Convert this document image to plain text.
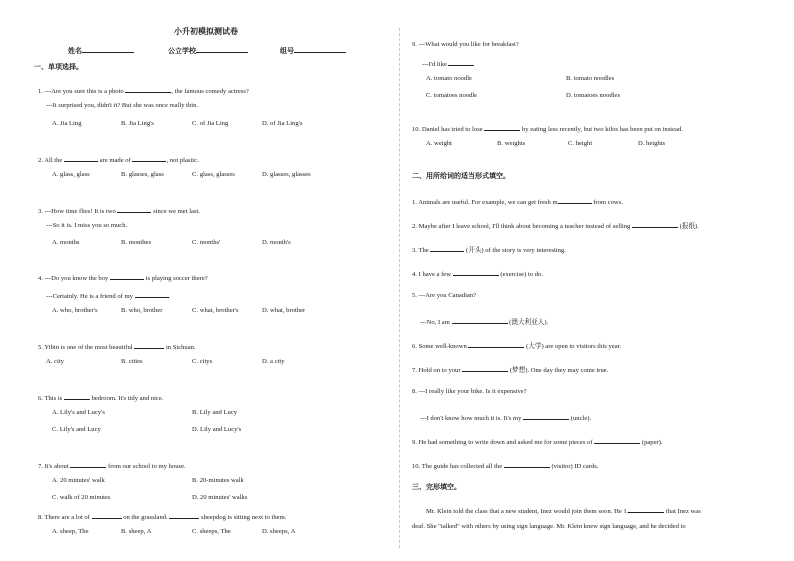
小升初模拟测试卷
姓名	公立学校	组号
一、单项选择。
1. ---Are you sure this is a photo	, the famous comedy actress?
---It surprised you, didn't it? But she was once really thin.
A. Jia Ling	B. Jia Ling's	C. of Jia Ling	D. of Jia Ling's
2. All the	are made of	, not plastic.
A. glass, glass	B. glasses, glass	C. glass, glasses	D. glasses, glasses
3. ---How time flies! It is two	since we met last.
---So it is. I miss you so much.
A. months	B. monthes	C. months'	D. month's
4. ---Do you know the boy	is playing soccer there?
---Certainly. He is a friend of my	.
A. who, brother's	B. who, brother	C. what, brother's	D. what, brother
5. Yibin is one of the most beautiful	in Sichuan.
A. city	B. cities	C. citys	D. a city
6. This is	bedroom. It's tidy and nice.
A. Lily's and Lucy's	B. Lily and Lucy
C. Lily's and Lucy	D. Lily and Lucy's
7. It's about	from our school to my house.
A. 20 minutes' walk	B. 20-minutes walk
C. walk of 20 minutes	D. 20 minutes' walks
8. There are a lot of	on the grassland.	sheepdog is sitting next to them.
A. sheep, The	B. sheep, A	C. sheeps, The	D. sheeps, A
9. ---What would you like for breakfast?
---I'd like
A. tomato noodle	B. tomato noodles
C. tomatoes noodle	D. tomatoes noodles
10. Daniel has tried to lose	by eating less recently, but two kilos has been put on instead.
A. weight	B. weights	C. height	D. heights
二、用所给词的适当形式填空。
1. Animals are useful. For example, we can get fresh m	from cows.
2. Maybe after I leave school, I'll think about becoming a teacher instead of selling	(报纸).
3. The	(开头) of the story is very interesting.
4. I have a few	(exercise) to do.
5. ---Are you Canadian?
---No, I am	(澳大利亚人).
6. Some well-known	(大学) are open to visitors this year.
7. Hold on to your	(梦想). One day they may come true.
8. ---I really like your bike. Is it expensive?
---I don't know how much it is. It's my	(uncle).
9. He had something to write down and asked me for some pieces of	(paper).
10. The guide has collected all the	(visitor) ID cards.
三、完形填空。
Mr. Klein told the class that a new student, Inez would join them soon. He 1.	that Inez was
deaf. She "talked" with others by using sign language. Mr. Klein knew sign language, and he decided to
